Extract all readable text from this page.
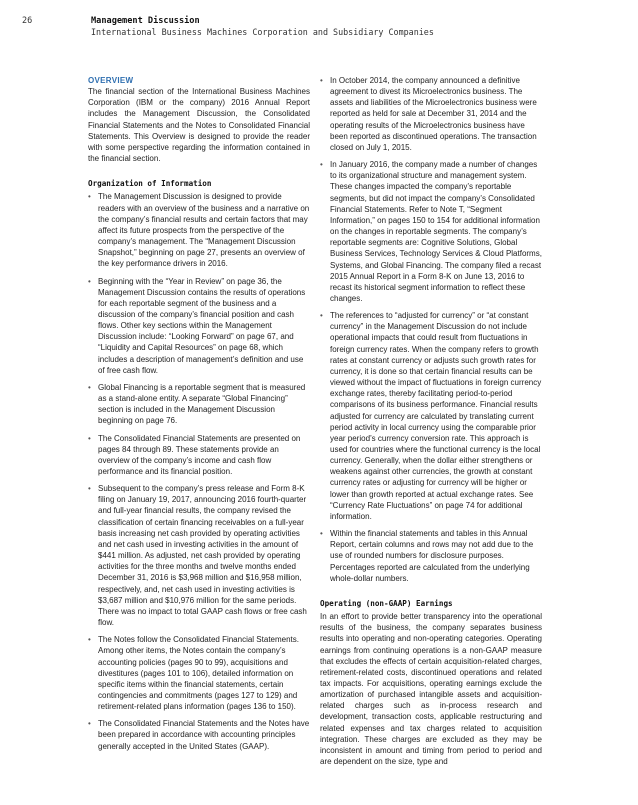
26	Management Discussion
International Business Machines Corporation and Subsidiary Companies

OVERVIEW

The financial section of the International Business Machines Corporation (IBM or the company) 2016 Annual Report includes the Management Discussion, the Consolidated Financial Statements and the Notes to Consolidated Financial Statements. This Overview is designed to provide the reader with some perspective regarding the information contained in the financial section.

Organization of Information

• The Management Discussion is designed to provide readers with an overview of the business and a narrative on the company’s financial results and certain factors that may affect its future prospects from the perspective of the company’s management. The “Management Discussion Snapshot,” beginning on page 27, presents an overview of the key performance drivers in 2016.
• Beginning with the “Year in Review” on page 36, the Management Discussion contains the results of operations for each reportable segment of the business and a discussion of the company’s financial position and cash flows. Other key sections within the Management Discussion include: “Looking Forward” on page 67, and “Liquidity and Capital Resources” on page 68, which includes a description of management’s definition and use of free cash flow.
• Global Financing is a reportable segment that is measured as a stand-alone entity. A separate “Global Financing” section is included in the Management Discussion beginning on page 76.
• The Consolidated Financial Statements are presented on pages 84 through 89. These statements provide an overview of the company’s income and cash flow performance and its financial position.
• Subsequent to the company’s press release and Form 8-K filing on January 19, 2017, announcing 2016 fourth-quarter and full-year financial results, the company revised the classification of certain financing receivables on a full-year basis increasing net cash provided by operating activities and net cash used in investing activities in the amount of $441 million. As adjusted, net cash provided by operating activities for the three months and twelve months ended December 31, 2016 is $3,968 million and $16,958 million, respectively, and, net cash used in investing activities is $3,687 million and $10,976 million for the same periods. There was no impact to total GAAP cash flows or free cash flow.
• The Notes follow the Consolidated Financial Statements. Among other items, the Notes contain the company’s accounting policies (pages 90 to 99), acquisitions and divestitures (pages 101 to 106), detailed information on specific items within the financial statements, certain contingencies and commitments (pages 127 to 129) and retirement-related plans information (pages 136 to 150).
• The Consolidated Financial Statements and the Notes have been prepared in accordance with accounting principles generally accepted in the United States (GAAP).
• In October 2014, the company announced a definitive agreement to divest its Microelectronics business. The assets and liabilities of the Microelectronics business were reported as held for sale at December 31, 2014 and the operating results of the Microelectronics business have been reported as discontinued operations. The transaction closed on July 1, 2015.
• In January 2016, the company made a number of changes to its organizational structure and management system. These changes impacted the company’s reportable segments, but did not impact the company’s Consolidated Financial Statements. Refer to Note T, “Segment Information,” on pages 150 to 154 for additional information on the changes in reportable segments. The company’s reportable segments are: Cognitive Solutions, Global Business Services, Technology Services & Cloud Platforms, Systems, and Global Financing. The company filed a recast 2015 Annual Report in a Form 8-K on June 13, 2016 to recast its historical segment information to reflect these changes.
• The references to “adjusted for currency” or “at constant currency” in the Management Discussion do not include operational impacts that could result from fluctuations in foreign currency rates. When the company refers to growth rates at constant currency or adjusts such growth rates for currency, it is done so that certain financial results can be viewed without the impact of fluctuations in foreign currency exchange rates, thereby facilitating period-to-period comparisons of its business performance. Financial results adjusted for currency are calculated by translating current period activity in local currency using the comparable prior year period’s currency conversion rate. This approach is used for countries where the functional currency is the local currency. Generally, when the dollar either strengthens or weakens against other currencies, the growth at constant currency rates or adjusting for currency will be higher or lower than growth reported at actual exchange rates. See “Currency Rate Fluctuations” on page 74 for additional information.
• Within the financial statements and tables in this Annual Report, certain columns and rows may not add due to the use of rounded numbers for disclosure purposes. Percentages reported are calculated from the underlying whole-dollar numbers.

Operating (non-GAAP) Earnings

In an effort to provide better transparency into the operational results of the business, the company separates business results into operating and non-operating categories. Operating earnings from continuing operations is a non-GAAP measure that excludes the effects of certain acquisition-related charges, retirement-related costs, discontinued operations and related tax impacts. For acquisitions, operating earnings exclude the amortization of purchased intangible assets and acquisition-related charges such as in-process research and development, transaction costs, applicable restructuring and related expenses and tax charges related to acquisition integration. These charges are excluded as they may be inconsistent in amount and timing from period to period and are dependent on the size, type and
